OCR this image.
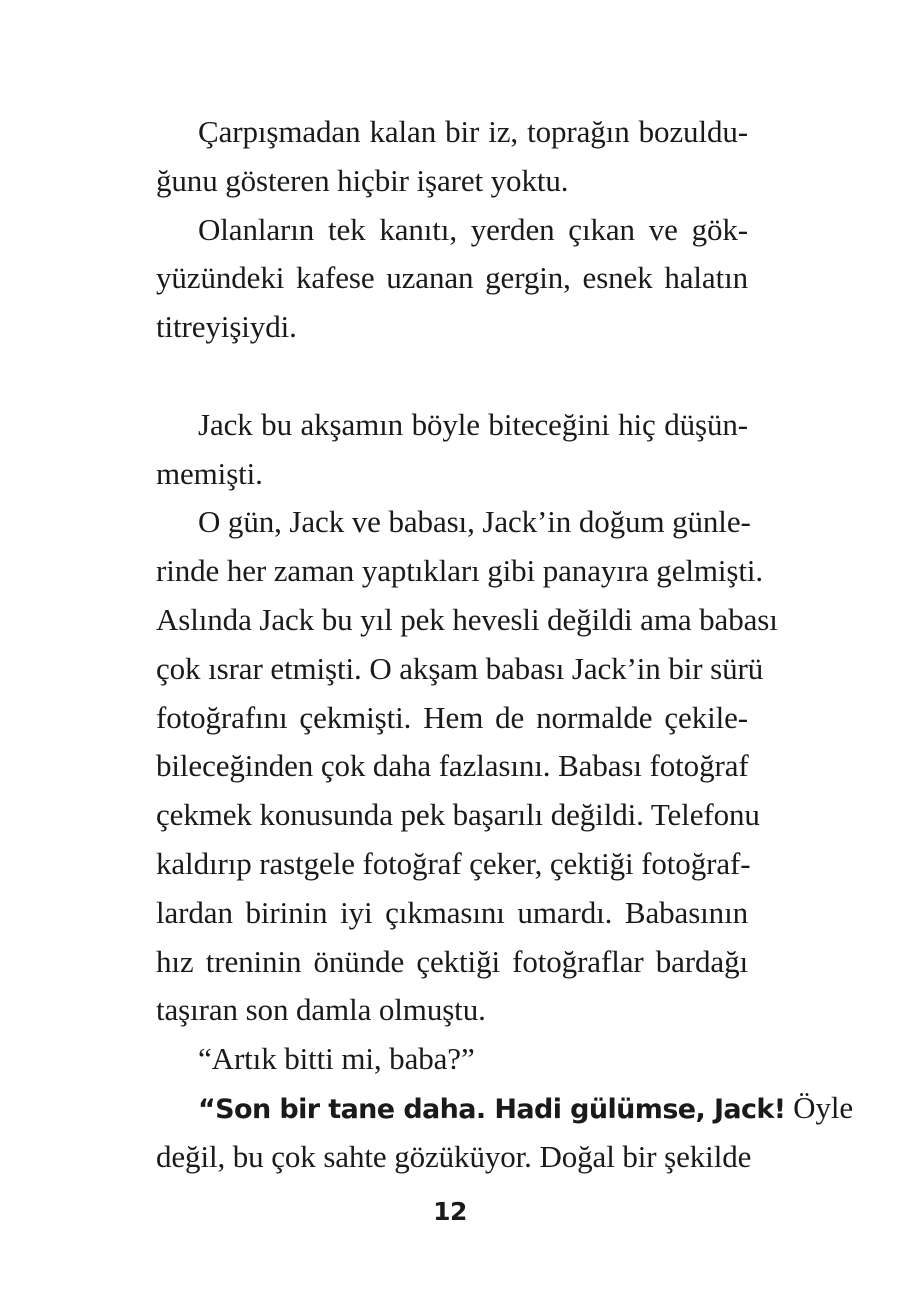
Çarpışmadan kalan bir iz, toprağın bozuldu-
ğunu gösteren hiçbir işaret yoktu.
Olanların tek kanıtı, yerden çıkan ve gök-
yüzündeki kafese uzanan gergin, esnek halatın
titreyişiydi.
Jack bu akşamın böyle biteceğini hiç düşün-
memişti.
O gün, Jack ve babası, Jack’in doğum günle-
rinde her zaman yaptıkları gibi panayıra gelmişti.
Aslında Jack bu yıl pek hevesli değildi ama babası
çok ısrar etmişti. O akşam babası Jack’in bir sürü
fotoğrafını çekmişti. Hem de normalde çekile-
bileceğinden çok daha fazlasını. Babası fotoğraf
çekmek konusunda pek başarılı değildi. Telefonu
kaldırıp rastgele fotoğraf çeker, çektiği fotoğraf-
lardan birinin iyi çıkmasını umardı. Babasının
hız treninin önünde çektiği fotoğraflar bardağı
taşıran son damla olmuştu.
“Artık bitti mi, baba?”
“Son bir tane daha. Hadi gülümse, Jack! Öyle
değil, bu çok sahte gözüküyor. Doğal bir şekilde
12
